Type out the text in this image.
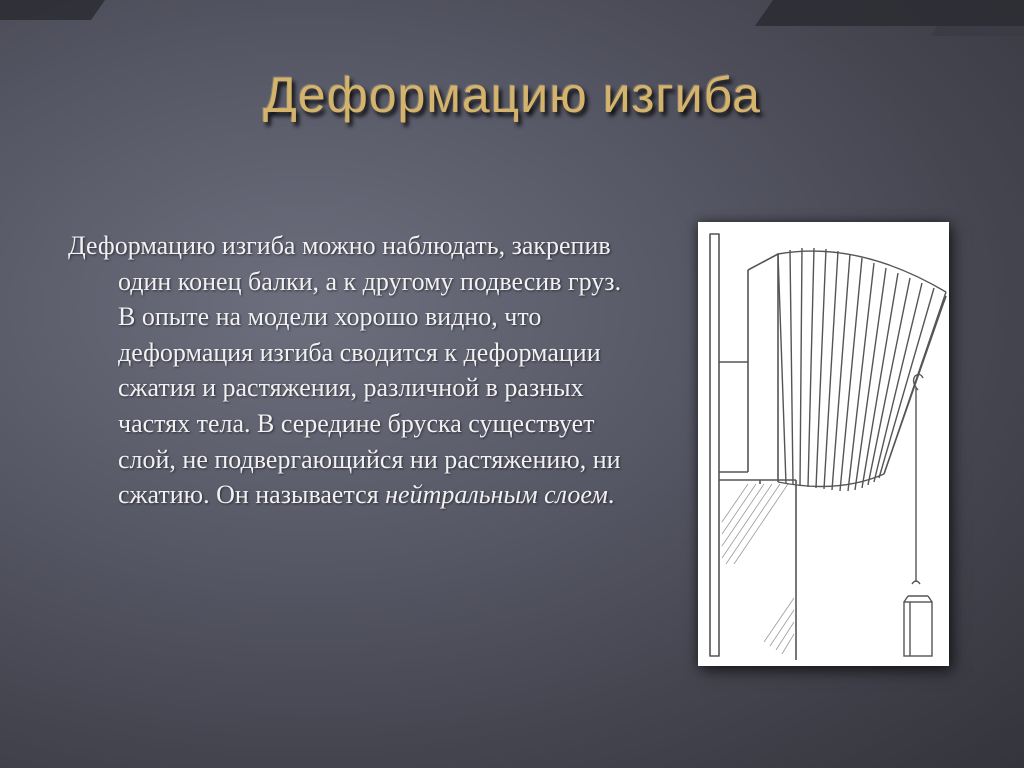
Деформацию изгиба

Деформацию изгиба можно наблюдать, закрепив один конец балки, а к другому подвесив груз. В опыте на модели хорошо видно, что деформация изгиба сводится к деформации сжатия и растяжения, различной в разных частях тела. В середине бруска существует слой, не подвергающийся ни растяжению, ни сжатию. Он называется нейтральным слоем.
